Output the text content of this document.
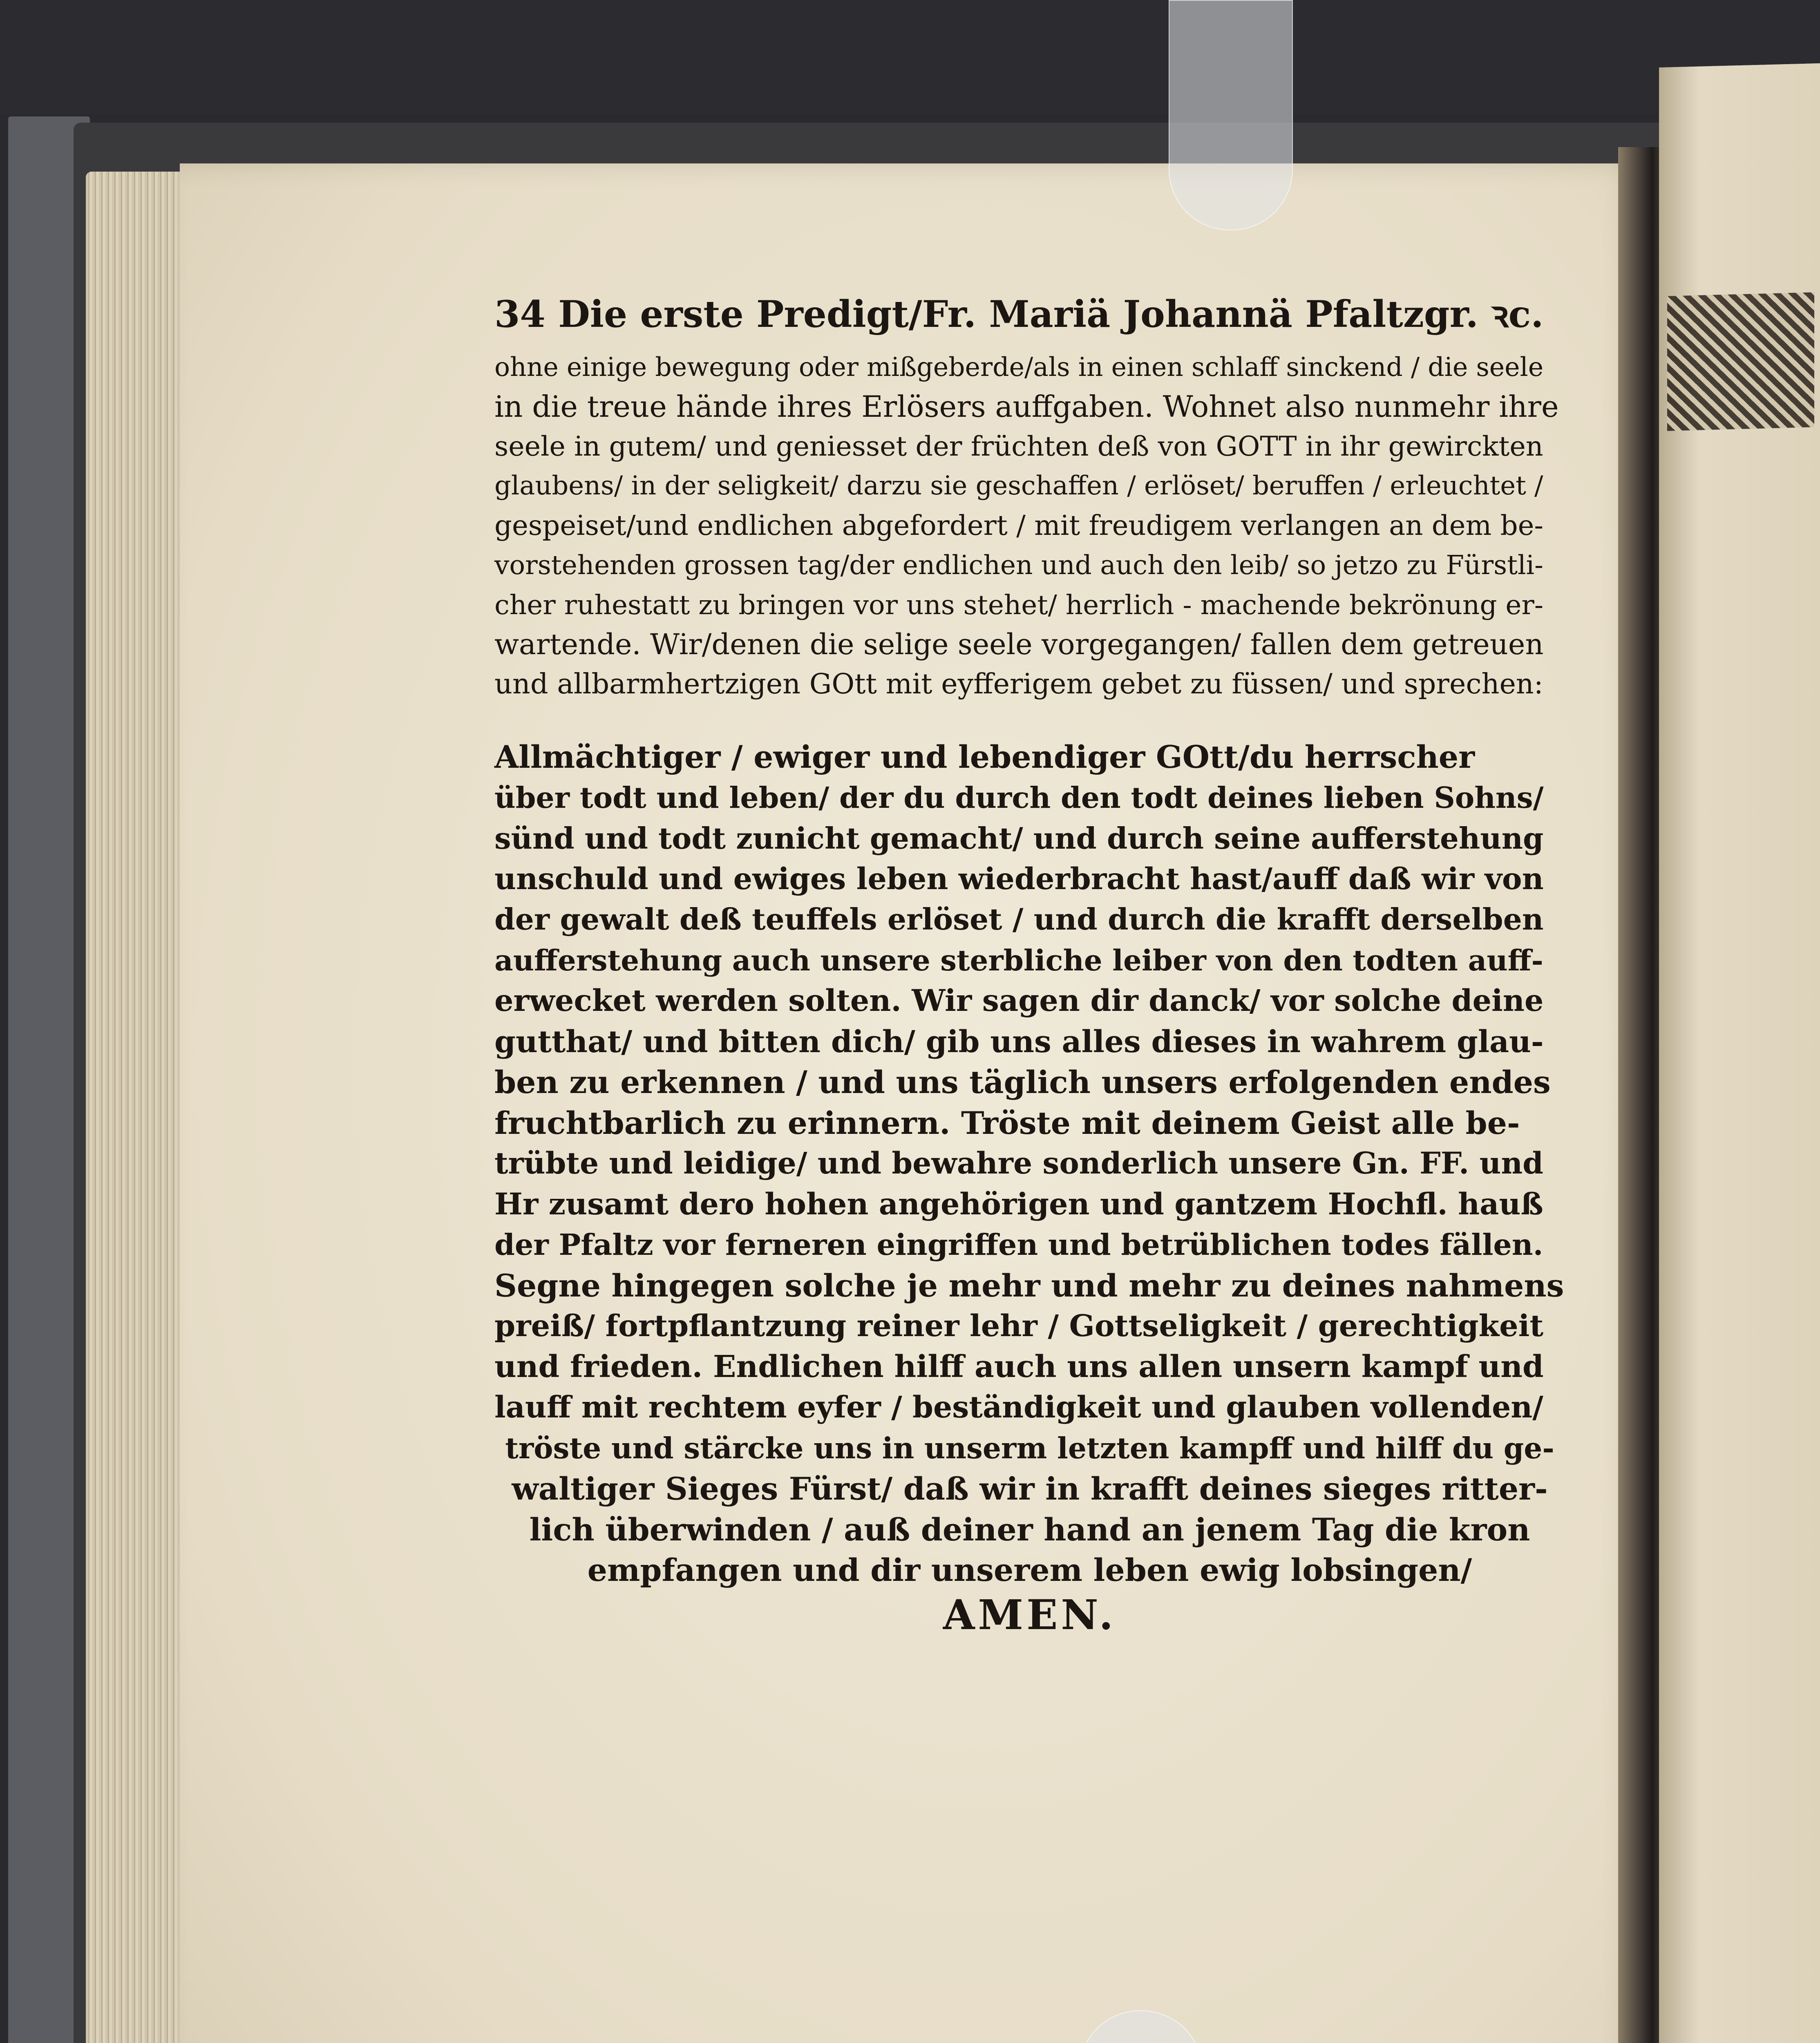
34 Die erste Predigt/Fr. Mariä Johannä Pfaltzgr. ꝛc.

ohne einige bewegung oder mißgeberde/als in einen schlaff sinckend / die seele

in die treue hände ihres Erlösers auffgaben. Wohnet also nunmehr ihre

seele in gutem/ und geniesset der früchten deß von GOTT in ihr gewirckten

glaubens/ in der seligkeit/ darzu sie geschaffen / erlöset/ beruffen / erleuchtet /

gespeiset/und endlichen abgefordert / mit freudigem verlangen an dem be-

vorstehenden grossen tag/der endlichen und auch den leib/ so jetzo zu Fürstli-

cher ruhestatt zu bringen vor uns stehet/ herrlich - machende bekrönung er-

wartende. Wir/denen die selige seele vorgegangen/ fallen dem getreuen

und allbarmhertzigen GOtt mit eyfferigem gebet zu füssen/ und sprechen:

Allmächtiger / ewiger und lebendiger GOtt/du herrscher

über todt und leben/ der du durch den todt deines lieben Sohns/

sünd und todt zunicht gemacht/ und durch seine aufferstehung

unschuld und ewiges leben wiederbracht hast/auff daß wir von

der gewalt deß teuffels erlöset / und durch die krafft derselben

aufferstehung auch unsere sterbliche leiber von den todten auff-

erwecket werden solten. Wir sagen dir danck/ vor solche deine

gutthat/ und bitten dich/ gib uns alles dieses in wahrem glau-

ben zu erkennen / und uns täglich unsers erfolgenden endes

fruchtbarlich zu erinnern. Tröste mit deinem Geist alle be-

trübte und leidige/ und bewahre sonderlich unsere Gn. FF. und

Hr zusamt dero hohen angehörigen und gantzem Hochfl. hauß

der Pfaltz vor ferneren eingriffen und betrüblichen todes fällen.

Segne hingegen solche je mehr und mehr zu deines nahmens

preiß/ fortpflantzung reiner lehr / Gottseligkeit / gerechtigkeit

und frieden. Endlichen hilff auch uns allen unsern kampf und

lauff mit rechtem eyfer / beständigkeit und glauben vollenden/

tröste und stärcke uns in unserm letzten kampff und hilff du ge-

waltiger Sieges Fürst/ daß wir in krafft deines sieges ritter-

lich überwinden / auß deiner hand an jenem Tag die kron

empfangen und dir unserem leben ewig lobsingen/

AMEN.
